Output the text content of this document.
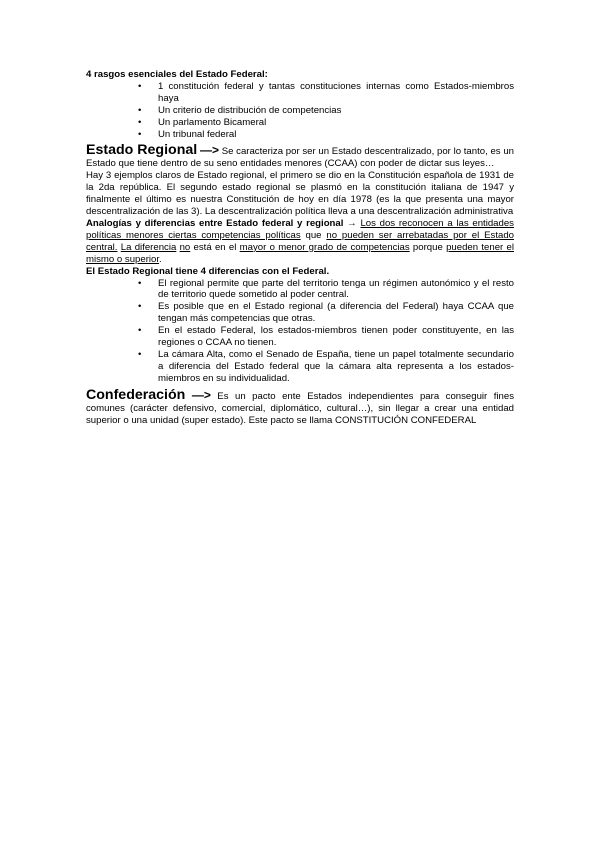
4 rasgos esenciales del Estado Federal:

• 1 constitución federal y tantas constituciones internas como Estados-miembros haya
• Un criterio de distribución de competencias
• Un parlamento Bicameral
• Un tribunal federal

Estado Regional —> Se caracteriza por ser un Estado descentralizado, por lo tanto, es un Estado que tiene dentro de su seno entidades menores (CCAA) con poder de dictar sus leyes…

Hay 3 ejemplos claros de Estado regional, el primero se dio en la Constitución española de 1931 de la 2da república. El segundo estado regional se plasmó en la constitución italiana de 1947 y finalmente el último es nuestra Constitución de hoy en día 1978 (es la que presenta una mayor descentralización de las 3). La descentralización política lleva a una descentralización administrativa

Analogías y diferencias entre Estado federal y regional → Los dos reconocen a las entidades políticas menores ciertas competencias políticas que no pueden ser arrebatadas por el Estado central. La diferencia no está en el mayor o menor grado de competencias porque pueden tener el mismo o superior.

El Estado Regional tiene 4 diferencias con el Federal.

• El regional permite que parte del territorio tenga un régimen autonómico y el resto de territorio quede sometido al poder central.
• Es posible que en el Estado regional (a diferencia del Federal) haya CCAA que tengan más competencias que otras.
• En el estado Federal, los estados-miembros tienen poder constituyente, en las regiones o CCAA no tienen.
• La cámara Alta, como el Senado de España, tiene un papel totalmente secundario a diferencia del Estado federal que la cámara alta representa a los estados-miembros en su individualidad.

Confederación —> Es un pacto ente Estados independientes para conseguir fines comunes (carácter defensivo, comercial, diplomático, cultural…), sin llegar a crear una entidad superior o una unidad (super estado). Este pacto se llama CONSTITUCIÓN CONFEDERAL
